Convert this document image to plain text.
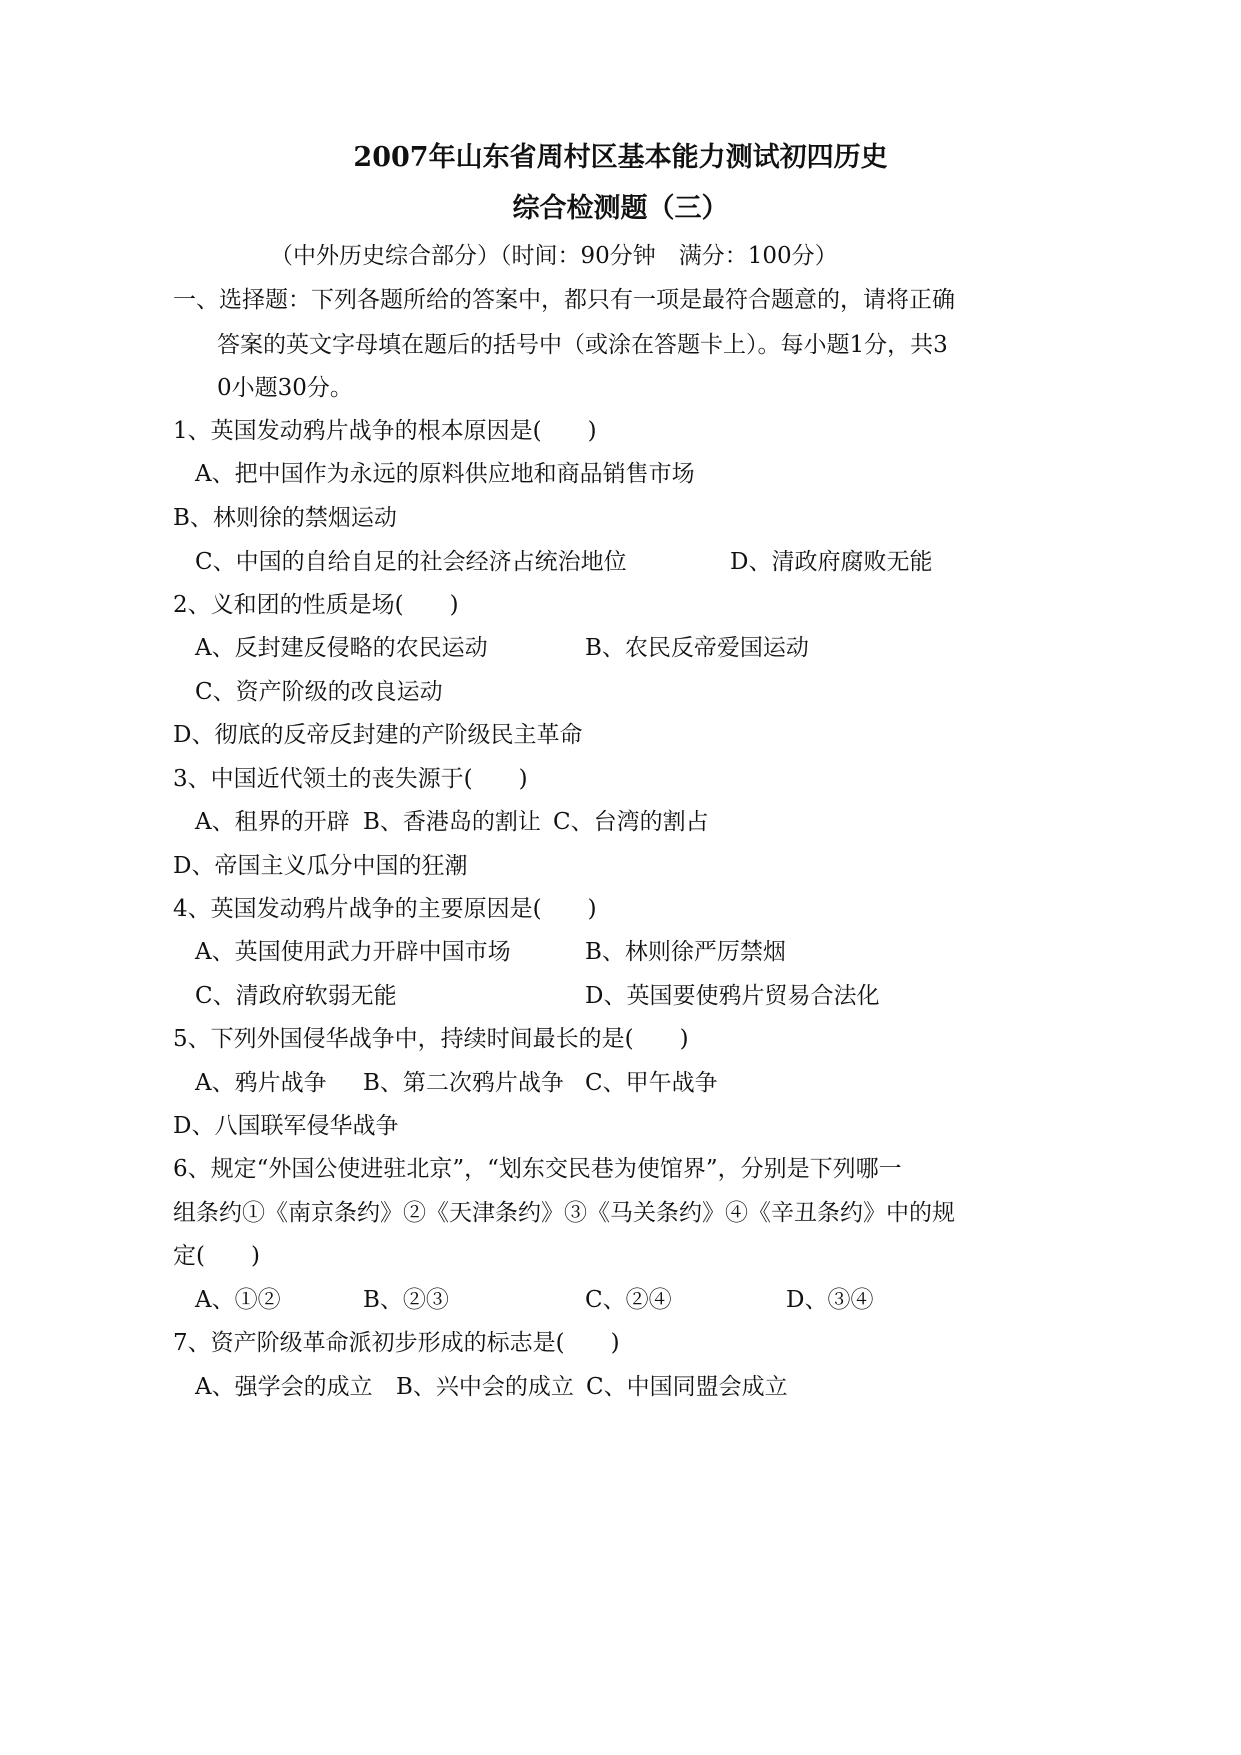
2007年山东省周村区基本能力测试初四历史
综合检测题（三）
（中外历史综合部分）（时间：90分钟　满分：100分）
一、选择题：下列各题所给的答案中，都只有一项是最符合题意的，请将正确
答案的英文字母填在题后的括号中（或涂在答题卡上）。每小题1分，共3
0小题30分。
1、英国发动鸦片战争的根本原因是(　　)
A、把中国作为永远的原料供应地和商品销售市场
B、林则徐的禁烟运动
C、中国的自给自足的社会经济占统治地位	D、清政府腐败无能
2、义和团的性质是场(　　)
A、反封建反侵略的农民运动	B、农民反帝爱国运动
C、资产阶级的改良运动
D、彻底的反帝反封建的产阶级民主革命
3、中国近代领土的丧失源于(　　)
A、租界的开辟 B、香港岛的割让 C、台湾的割占
D、帝国主义瓜分中国的狂潮
4、英国发动鸦片战争的主要原因是(　　)
A、英国使用武力开辟中国市场	B、林则徐严厉禁烟
C、清政府软弱无能	D、英国要使鸦片贸易合法化
5、下列外国侵华战争中，持续时间最长的是(　　)
A、鸦片战争 B、第二次鸦片战争 C、甲午战争
D、八国联军侵华战争
6、规定“外国公使进驻北京”，“划东交民巷为使馆界”，分别是下列哪一
组条约①《南京条约》②《天津条约》③《马关条约》④《辛丑条约》中的规
定(　　)
A、①②	B、②③	C、②④	D、③④
7、资产阶级革命派初步形成的标志是(　　)
A、强学会的成立 B、兴中会的成立 C、中国同盟会成立
